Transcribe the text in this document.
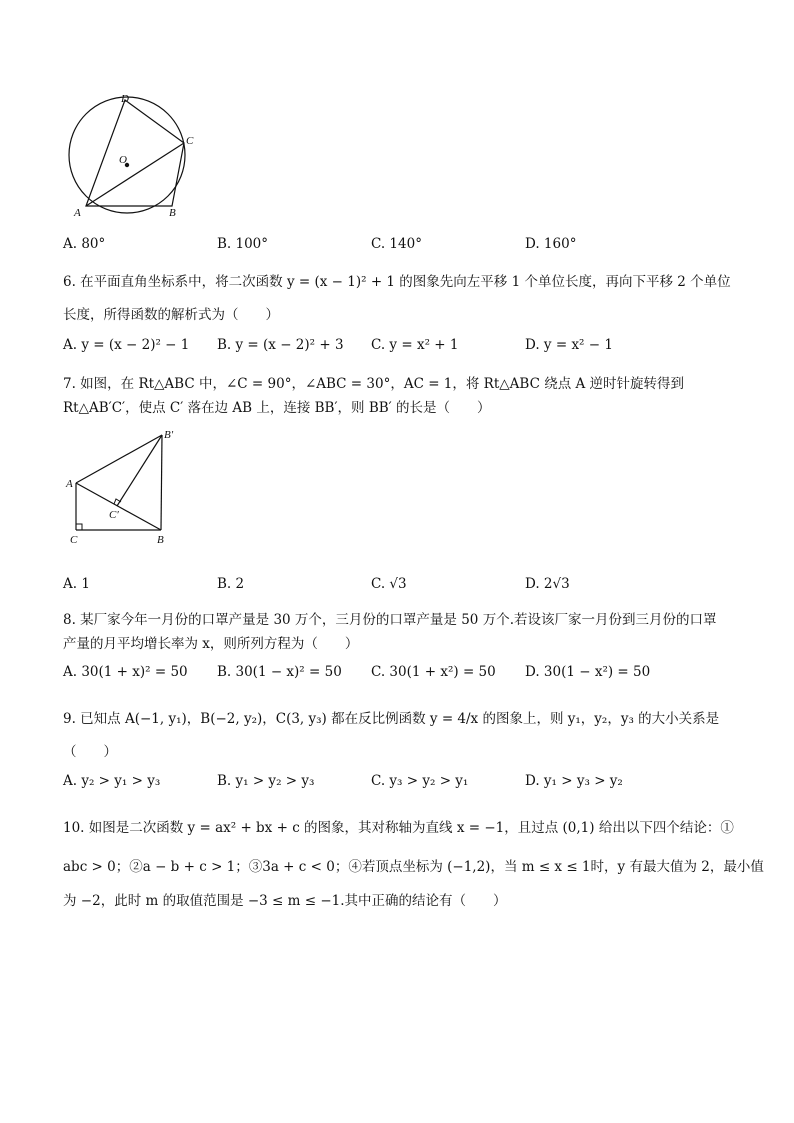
D
C
O
A	B
A. 80°	B. 100°	C. 140°	D. 160°
6. 在平面直角坐标系中，将二次函数 y = (x − 1)² + 1 的图象先向左平移 1 个单位长度，再向下平移 2 个单位
长度，所得函数的解析式为（　　）
A. y = (x − 2)² − 1 B. y = (x − 2)² + 3 C. y = x² + 1	D. y = x² − 1
7. 如图，在 Rt△ABC 中，∠C = 90°，∠ABC = 30°，AC = 1，将 Rt△ABC 绕点 A 逆时针旋转得到
Rt△AB′C′，使点 C′ 落在边 AB 上，连接 BB′，则 BB′ 的长是（　　）
B′
A
C′
C	B
A. 1	B. 2	C. √3	D. 2√3
8. 某厂家今年一月份的口罩产量是 30 万个，三月份的口罩产量是 50 万个.若设该厂家一月份到三月份的口罩
产量的月平均增长率为 x，则所列方程为（　　）
A. 30(1 + x)² = 50 B. 30(1 − x)² = 50 C. 30(1 + x²) = 50 D. 30(1 − x²) = 50
9. 已知点 A(−1, y₁)，B(−2, y₂)，C(3, y₃) 都在反比例函数 y = 4/x 的图象上，则 y₁，y₂，y₃ 的大小关系是
（　　）
A. y₂ > y₁ > y₃	B. y₁ > y₂ > y₃	C. y₃ > y₂ > y₁	D. y₁ > y₃ > y₂
10. 如图是二次函数 y = ax² + bx + c 的图象，其对称轴为直线 x = −1，且过点 (0,1) 给出以下四个结论：①
abc > 0；②a − b + c > 1；③3a + c < 0；④若顶点坐标为 (−1,2)，当 m ≤ x ≤ 1时，y 有最大值为 2，最小值
为 −2，此时 m 的取值范围是 −3 ≤ m ≤ −1.其中正确的结论有（　　）
